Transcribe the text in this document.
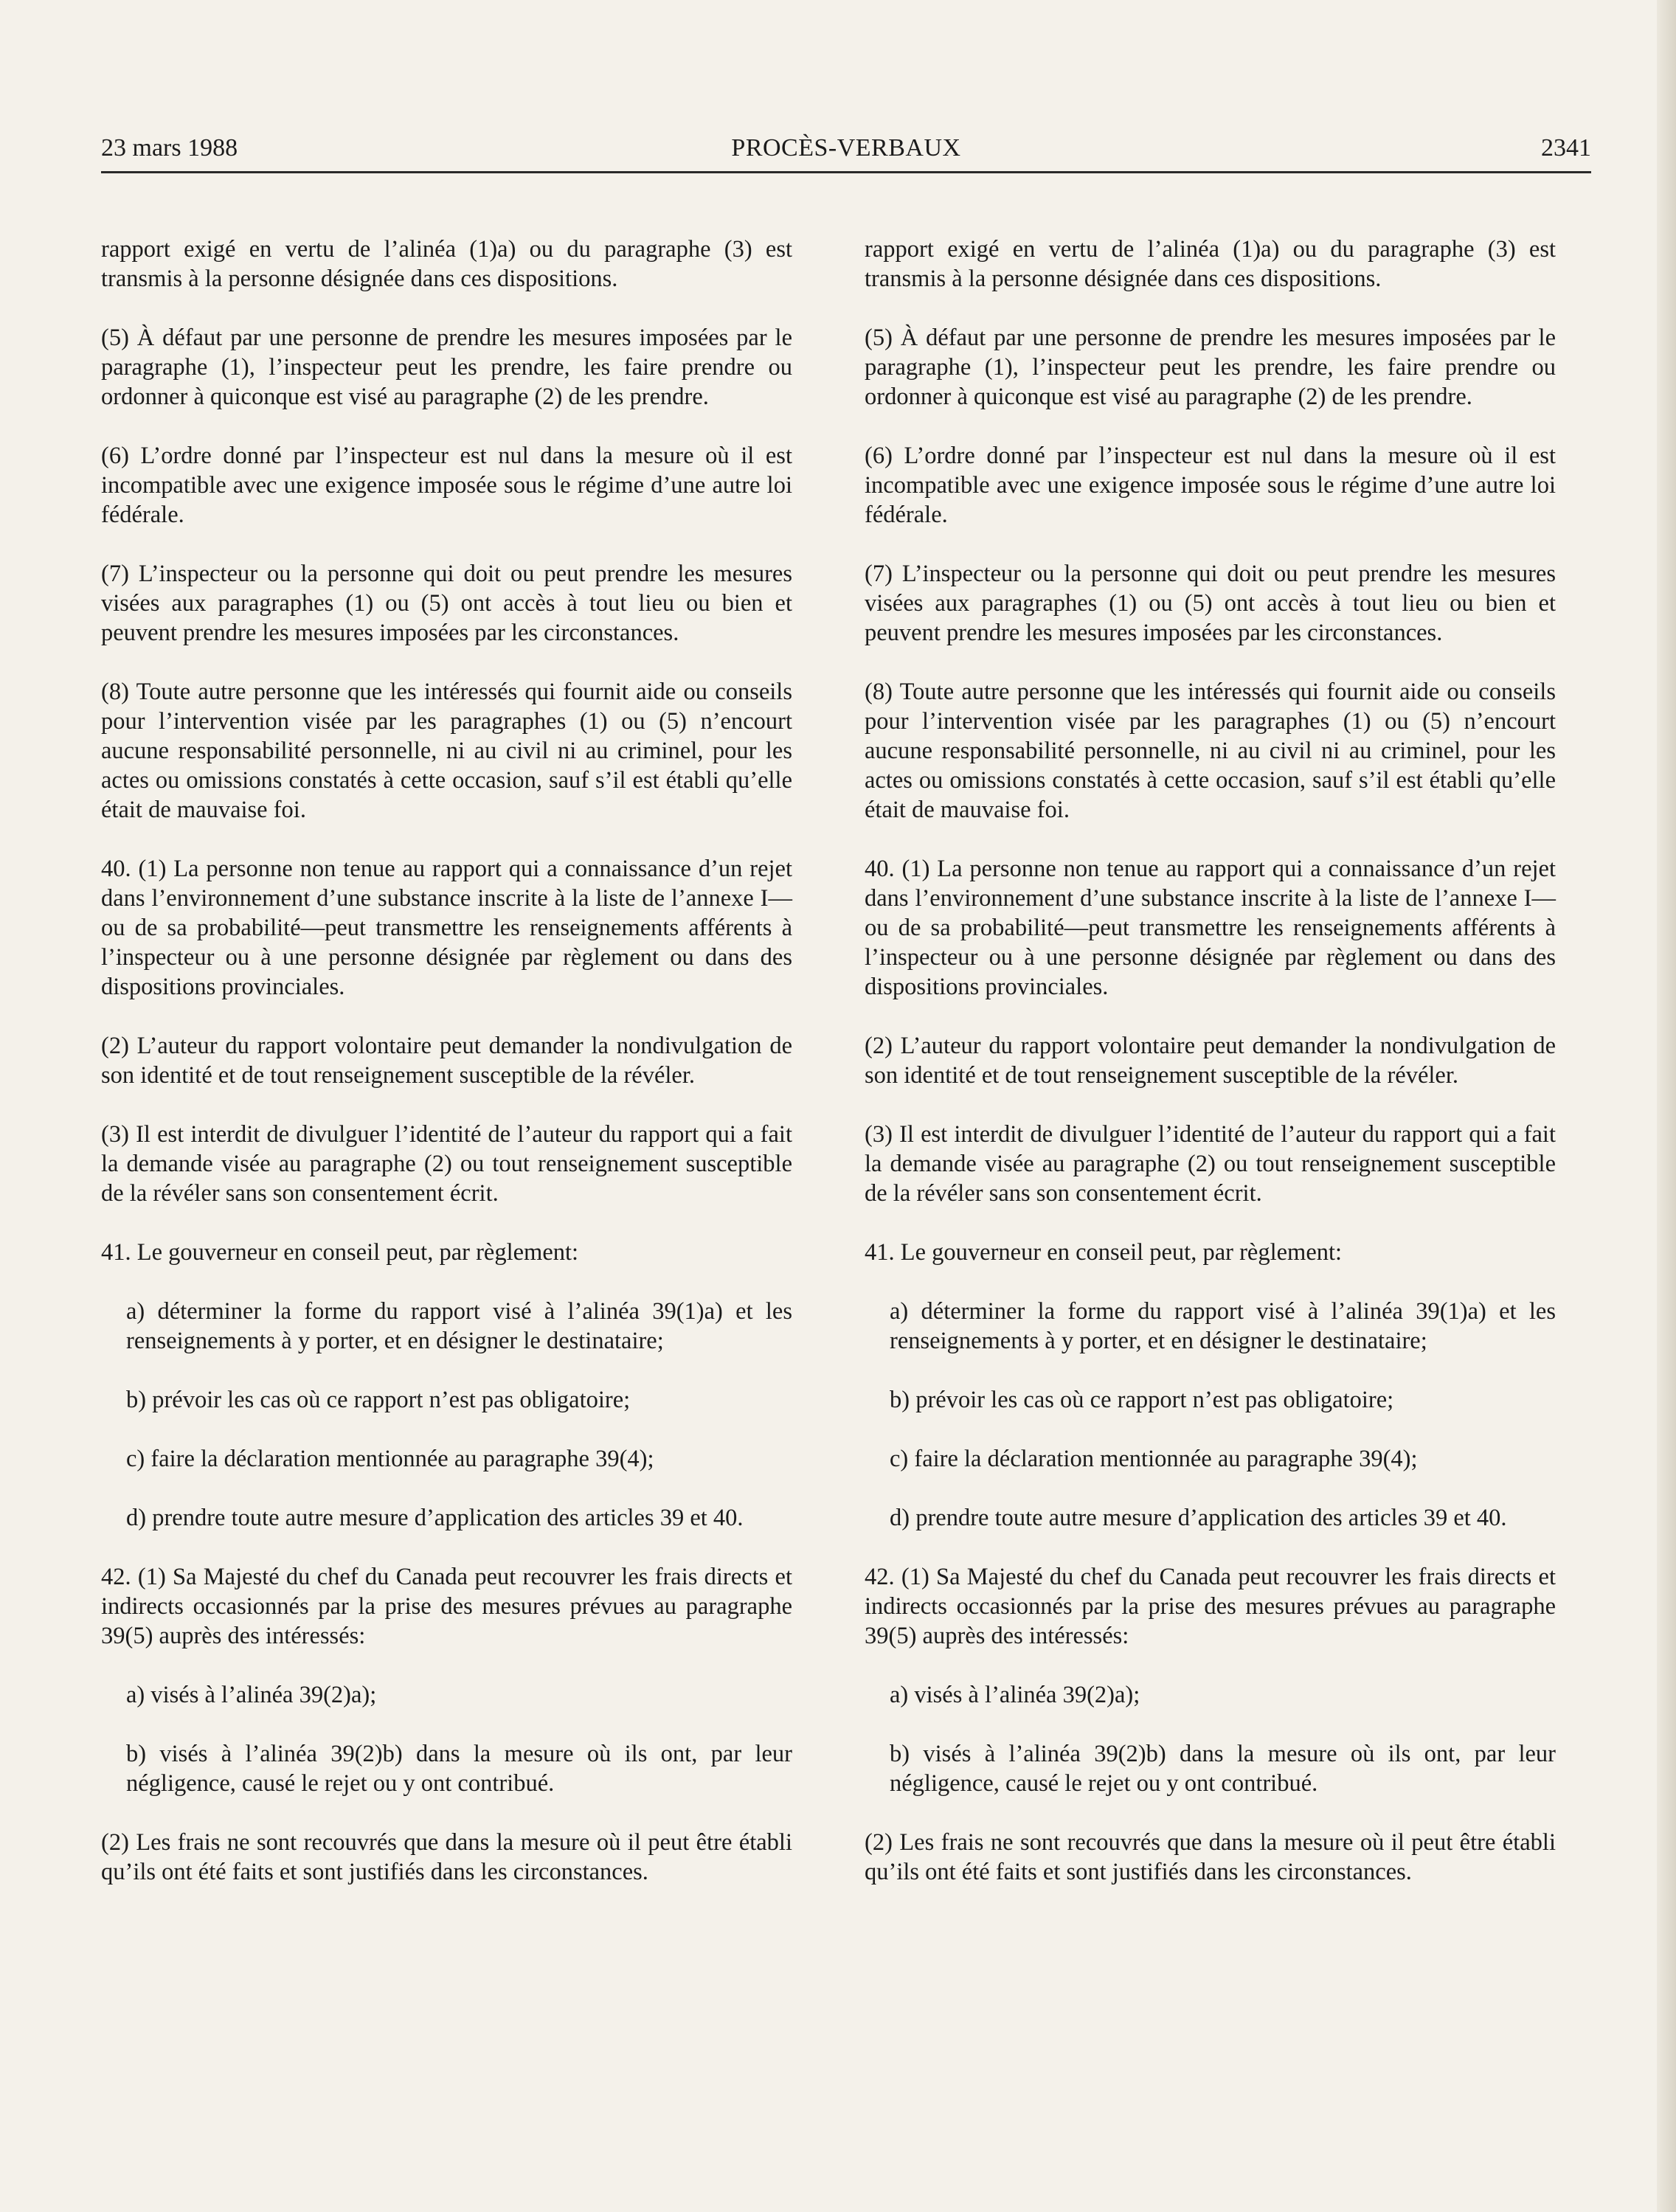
23 mars 1988	PROCÈS-VERBAUX	2341

rapport exigé en vertu de l’alinéa (1)a) ou du paragraphe (3) est transmis à la personne désignée dans ces dispositions.

(5) À défaut par une personne de prendre les mesures imposées par le paragraphe (1), l’inspecteur peut les prendre, les faire prendre ou ordonner à quiconque est visé au paragraphe (2) de les prendre.

(6) L’ordre donné par l’inspecteur est nul dans la mesure où il est incompatible avec une exigence imposée sous le régime d’une autre loi fédérale.

(7) L’inspecteur ou la personne qui doit ou peut prendre les mesures visées aux paragraphes (1) ou (5) ont accès à tout lieu ou bien et peuvent prendre les mesures imposées par les circonstances.

(8) Toute autre personne que les intéressés qui fournit aide ou conseils pour l’intervention visée par les paragraphes (1) ou (5) n’encourt aucune responsabilité personnelle, ni au civil ni au criminel, pour les actes ou omissions constatés à cette occasion, sauf s’il est établi qu’elle était de mauvaise foi.

40. (1) La personne non tenue au rapport qui a connaissance d’un rejet dans l’environnement d’une substance inscrite à la liste de l’annexe I—ou de sa probabilité—peut transmettre les renseignements afférents à l’inspecteur ou à une personne désignée par règlement ou dans des dispositions provinciales.

(2) L’auteur du rapport volontaire peut demander la nondivulgation de son identité et de tout renseignement susceptible de la révéler.

(3) Il est interdit de divulguer l’identité de l’auteur du rapport qui a fait la demande visée au paragraphe (2) ou tout renseignement susceptible de la révéler sans son consentement écrit.

41. Le gouverneur en conseil peut, par règlement:

a) déterminer la forme du rapport visé à l’alinéa 39(1)a) et les renseignements à y porter, et en désigner le destinataire;

b) prévoir les cas où ce rapport n’est pas obligatoire;

c) faire la déclaration mentionnée au paragraphe 39(4);

d) prendre toute autre mesure d’application des articles 39 et 40.

42. (1) Sa Majesté du chef du Canada peut recouvrer les frais directs et indirects occasionnés par la prise des mesures prévues au paragraphe 39(5) auprès des intéressés:

a) visés à l’alinéa 39(2)a);

b) visés à l’alinéa 39(2)b) dans la mesure où ils ont, par leur négligence, causé le rejet ou y ont contribué.

(2) Les frais ne sont recouvrés que dans la mesure où il peut être établi qu’ils ont été faits et sont justifiés dans les circonstances.

rapport exigé en vertu de l’alinéa (1)a) ou du paragraphe (3) est transmis à la personne désignée dans ces dispositions.

(5) À défaut par une personne de prendre les mesures imposées par le paragraphe (1), l’inspecteur peut les prendre, les faire prendre ou ordonner à quiconque est visé au paragraphe (2) de les prendre.

(6) L’ordre donné par l’inspecteur est nul dans la mesure où il est incompatible avec une exigence imposée sous le régime d’une autre loi fédérale.

(7) L’inspecteur ou la personne qui doit ou peut prendre les mesures visées aux paragraphes (1) ou (5) ont accès à tout lieu ou bien et peuvent prendre les mesures imposées par les circonstances.

(8) Toute autre personne que les intéressés qui fournit aide ou conseils pour l’intervention visée par les paragraphes (1) ou (5) n’encourt aucune responsabilité personnelle, ni au civil ni au criminel, pour les actes ou omissions constatés à cette occasion, sauf s’il est établi qu’elle était de mauvaise foi.

40. (1) La personne non tenue au rapport qui a connaissance d’un rejet dans l’environnement d’une substance inscrite à la liste de l’annexe I—ou de sa probabilité—peut transmettre les renseignements afférents à l’inspecteur ou à une personne désignée par règlement ou dans des dispositions provinciales.

(2) L’auteur du rapport volontaire peut demander la nondivulgation de son identité et de tout renseignement susceptible de la révéler.

(3) Il est interdit de divulguer l’identité de l’auteur du rapport qui a fait la demande visée au paragraphe (2) ou tout renseignement susceptible de la révéler sans son consentement écrit.

41. Le gouverneur en conseil peut, par règlement:

a) déterminer la forme du rapport visé à l’alinéa 39(1)a) et les renseignements à y porter, et en désigner le destinataire;

b) prévoir les cas où ce rapport n’est pas obligatoire;

c) faire la déclaration mentionnée au paragraphe 39(4);

d) prendre toute autre mesure d’application des articles 39 et 40.

42. (1) Sa Majesté du chef du Canada peut recouvrer les frais directs et indirects occasionnés par la prise des mesures prévues au paragraphe 39(5) auprès des intéressés:

a) visés à l’alinéa 39(2)a);

b) visés à l’alinéa 39(2)b) dans la mesure où ils ont, par leur négligence, causé le rejet ou y ont contribué.

(2) Les frais ne sont recouvrés que dans la mesure où il peut être établi qu’ils ont été faits et sont justifiés dans les circonstances.
